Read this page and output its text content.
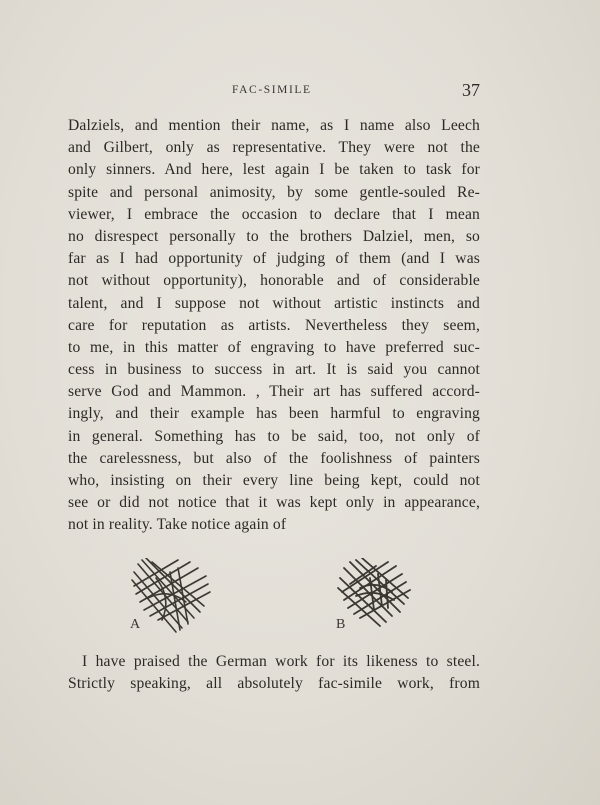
FAC-SIMILE	37
Dalziels, and mention their name, as I name also Leech
and Gilbert, only as representative. They were not the
only sinners. And here, lest again I be taken to task for
spite and personal animosity, by some gentle-souled Re-
viewer, I embrace the occasion to declare that I mean
no disrespect personally to the brothers Dalziel, men, so
far as I had opportunity of judging of them (and I was
not without opportunity), honorable and of considerable
talent, and I suppose not without artistic instincts and
care for reputation as artists. Nevertheless they seem,
to me, in this matter of engraving to have preferred suc-
cess in business to success in art. It is said you cannot
serve God and Mammon. , Their art has suffered accord-
ingly, and their example has been harmful to engraving
in general. Something has to be said, too, not only of
the carelessness, but also of the foolishness of painters
who, insisting on their every line being kept, could not
see or did not notice that it was kept only in appearance,
not in reality. Take notice again of
A	B
I have praised the German work for its likeness to steel.
Strictly speaking, all absolutely fac-simile work, from
